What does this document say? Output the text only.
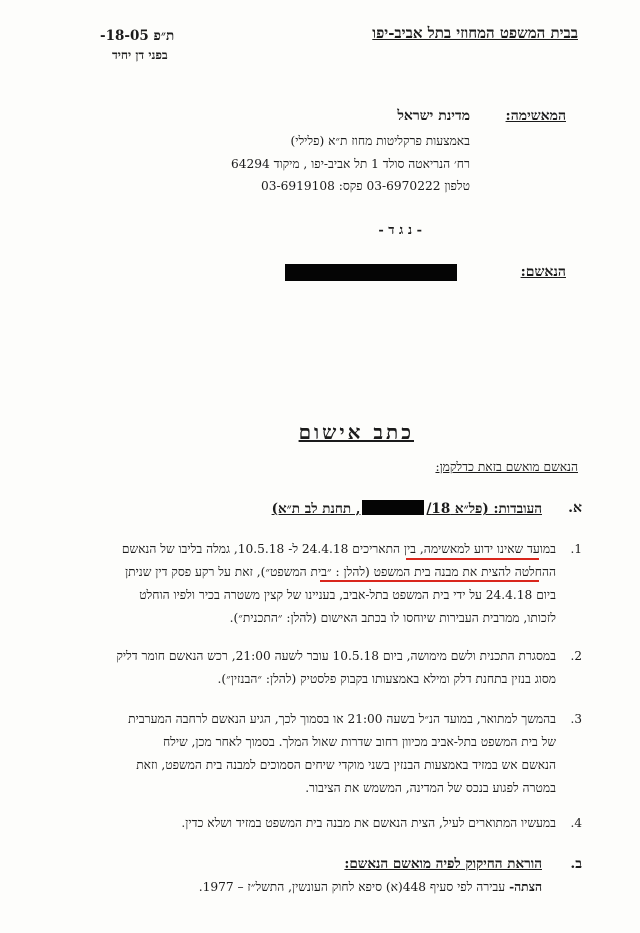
בבית המשפט המחוזי בתל אביב-יפו
ת״פ 18-05-
בפני דן יחיד
המאשימה:
מדינת ישראל
באמצעות פרקליטות מחוז ת״א (פלילי)
רח׳ הנריאטה סולד 1 תל אביב-יפו , מיקוד 64294
טלפון 03-6970222 פקס: 03-6919108
- נ ג ד -
הנאשם:
כתב אישום
הנאשם מואשם בזאת כדלקמן:
א.
העובדות: (פל״א 18/, תחנת לב ת״א)
.1
במועד שאינו ידוע למאשימה, בין התאריכים 24.4.18 ל- 10.5.18, גמלה בליבו של הנאשם
ההחלטה להצית את מבנה בית המשפט (להלן : ״בית המשפט״), זאת על רקע פסק דין שניתן
ביום 24.4.18 על ידי בית המשפט בתל-אביב, בעניינו של קצין משטרה בכיר ולפיו הוחלט
לזכותו, ממרבית העבירות שיוחסו לו בכתב האישום (להלן: ״התכנית״).
.2
במסגרת התכנית ולשם מימושה, ביום 10.5.18 עובר לשעה 21:00, רכש הנאשם חומר דליק
מסוג בנזין בתחנת דלק ומילא באמצעותו בקבוק פלסטיק (להלן: ״הבנזין״).
.3
בהמשך למתואר, במועד הנ״ל בשעה 21:00 או בסמוך לכך, הגיע הנאשם לרחבה המערבית
של בית המשפט בתל-אביב מכיוון רחוב שדרות שאול המלך. בסמוך לאחר מכן, שילח
הנאשם אש במזיד באמצעות הבנזין בשני מוקדי שיחים הסמוכים למבנה בית המשפט, וזאת
במטרה לפגוע בנכס של המדינה, המשמש את הציבור.
.4
במעשיו המתוארים לעיל, הצית הנאשם את מבנה בית המשפט במזיד ושלא כדין.
ב.
הוראת החיקוק לפיה מואשם הנאשם:
הצתה- עבירה לפי סעיף 448(א) סיפא לחוק העונשין, התשל״ז – 1977.
